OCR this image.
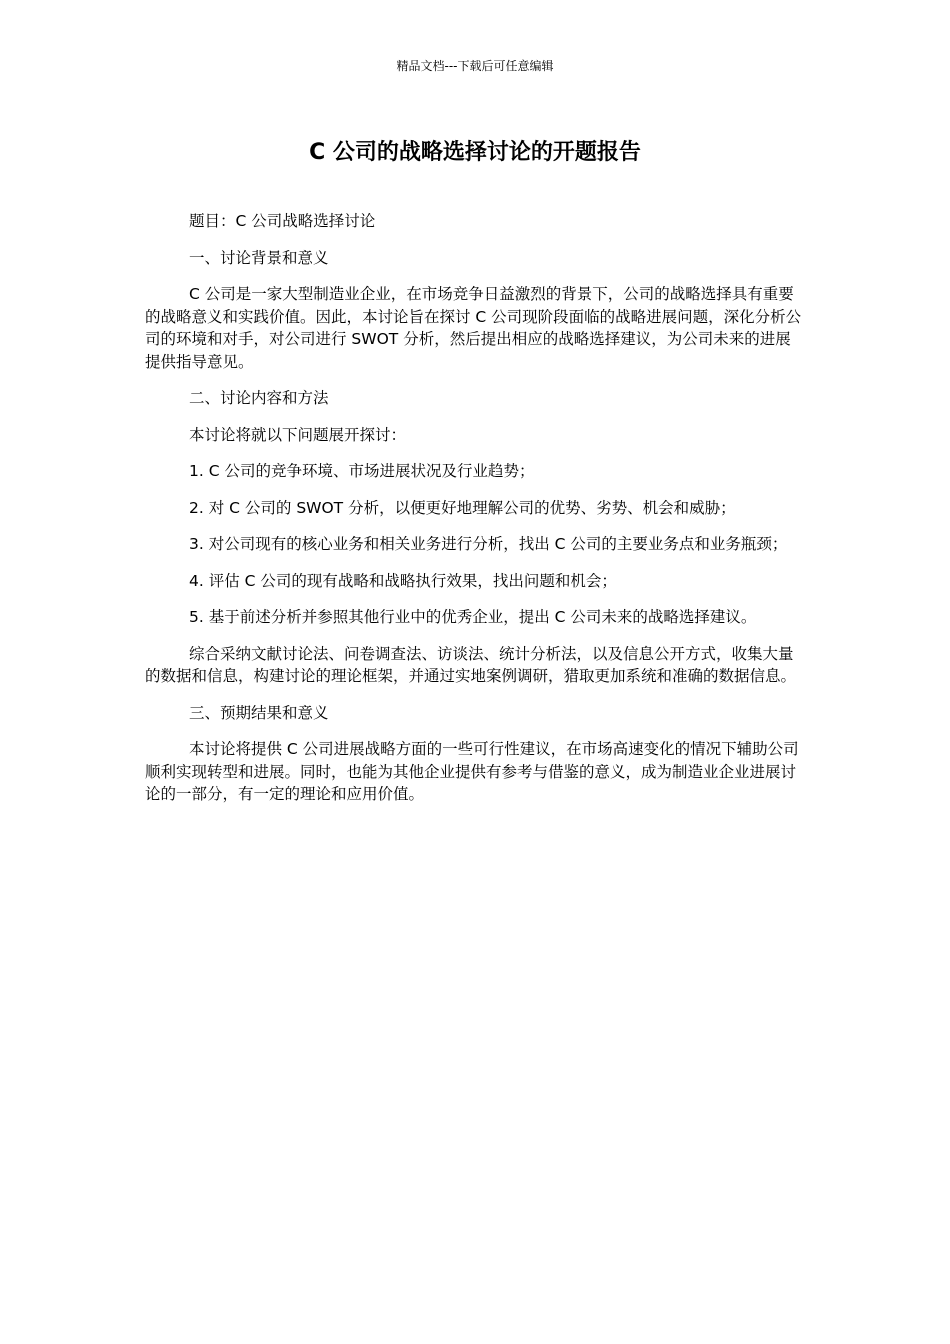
精品文档---下载后可任意编辑
C 公司的战略选择讨论的开题报告

题目：C 公司战略选择讨论

一、讨论背景和意义

C 公司是一家大型制造业企业，在市场竞争日益激烈的背景下，公司的战略选择具有重要的战略意义和实践价值。因此，本讨论旨在探讨 C 公司现阶段面临的战略进展问题，深化分析公司的环境和对手，对公司进行 SWOT 分析，然后提出相应的战略选择建议，为公司未来的进展提供指导意见。

二、讨论内容和方法

本讨论将就以下问题展开探讨：

1. C 公司的竞争环境、市场进展状况及行业趋势；

2. 对 C 公司的 SWOT 分析，以便更好地理解公司的优势、劣势、机会和威胁；

3. 对公司现有的核心业务和相关业务进行分析，找出 C 公司的主要业务点和业务瓶颈；

4. 评估 C 公司的现有战略和战略执行效果，找出问题和机会；

5. 基于前述分析并参照其他行业中的优秀企业，提出 C 公司未来的战略选择建议。

综合采纳文献讨论法、问卷调查法、访谈法、统计分析法，以及信息公开方式，收集大量的数据和信息，构建讨论的理论框架，并通过实地案例调研，猎取更加系统和准确的数据信息。

三、预期结果和意义

本讨论将提供 C 公司进展战略方面的一些可行性建议，在市场高速变化的情况下辅助公司顺利实现转型和进展。同时，也能为其他企业提供有参考与借鉴的意义，成为制造业企业进展讨论的一部分，有一定的理论和应用价值。
